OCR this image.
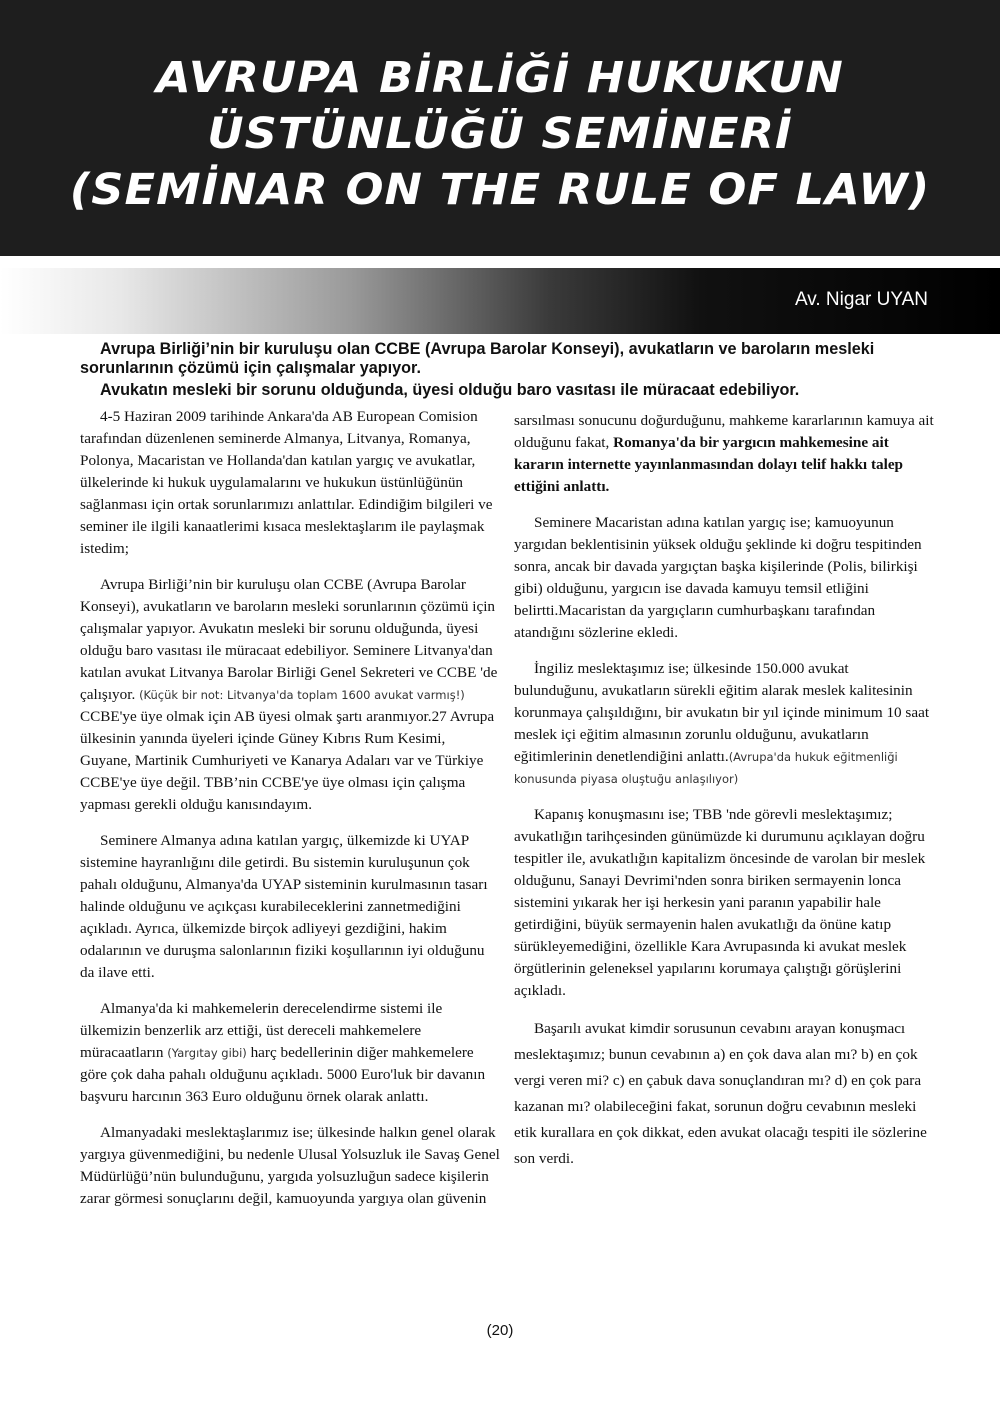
AVRUPA BİRLİĞİ HUKUKUN
ÜSTÜNLÜĞÜ SEMİNERİ
(SEMİNAR ON THE RULE OF LAW)
Av. Nigar UYAN

Avrupa Birliği’nin bir kuruluşu olan CCBE (Avrupa Barolar Konseyi), avukatların ve baroların mesleki sorunlarının çözümü için çalışmalar yapıyor.

Avukatın mesleki bir sorunu olduğunda, üyesi olduğu baro vasıtası ile müracaat edebiliyor.

4-5 Haziran 2009 tarihinde Ankara'da AB European Comision tarafından düzenlenen seminerde Almanya, Litvanya, Romanya, Polonya, Macaristan ve Hollanda'dan katılan yargıç ve avukatlar, ülkelerinde ki hukuk uygulamalarını ve hukukun üstünlüğünün sağlanması için ortak sorunlarımızı anlattılar. Edindiğim bilgileri ve seminer ile ilgili kanaatlerimi kısaca meslektaşlarım ile paylaşmak istedim;

Avrupa Birliği’nin bir kuruluşu olan CCBE (Avrupa Barolar Konseyi), avukatların ve baroların mesleki sorunlarının çözümü için çalışmalar yapıyor. Avukatın mesleki bir sorunu olduğunda, üyesi olduğu baro vasıtası ile müracaat edebiliyor. Seminere Litvanya'dan katılan avukat Litvanya Barolar Birliği Genel Sekreteri ve CCBE 'de çalışıyor. (Küçük bir not: Litvanya'da toplam 1600 avukat varmış!) CCBE'ye üye olmak için AB üyesi olmak şartı aranmıyor.27 Avrupa ülkesinin yanında üyeleri içinde Güney Kıbrıs Rum Kesimi, Guyane, Martinik Cumhuriyeti ve Kanarya Adaları var ve Türkiye CCBE'ye üye değil. TBB’nin CCBE'ye üye olması için çalışma yapması gerekli olduğu kanısındayım.

Seminere Almanya adına katılan yargıç, ülkemizde ki UYAP sistemine hayranlığını dile getirdi. Bu sistemin kuruluşunun çok pahalı olduğunu, Almanya'da UYAP sisteminin kurulmasının tasarı halinde olduğunu ve açıkçası kurabileceklerini zannetmediğini açıkladı. Ayrıca, ülkemizde birçok adliyeyi gezdiğini, hakim odalarının ve duruşma salonlarının fiziki koşullarının iyi olduğunu da ilave etti.

Almanya'da ki mahkemelerin derecelendirme sistemi ile ülkemizin benzerlik arz ettiği, üst dereceli mahkemelere müracaatların (Yargıtay gibi) harç bedellerinin diğer mahkemelere göre çok daha pahalı olduğunu açıkladı. 5000 Euro'luk bir davanın başvuru harcının 363 Euro olduğunu örnek olarak anlattı.

Almanyadaki meslektaşlarımız ise; ülkesinde halkın genel olarak yargıya güvenmediğini, bu nedenle Ulusal Yolsuzluk ile Savaş Genel Müdürlüğü’nün bulunduğunu, yargıda yolsuzluğun sadece kişilerin zarar görmesi sonuçlarını değil, kamuoyunda yargıya olan güvenin

sarsılması sonucunu doğurduğunu, mahkeme kararlarının kamuya ait olduğunu fakat, Romanya'da bir yargıcın mahkemesine ait kararın internette yayınlanmasından dolayı telif hakkı talep ettiğini anlattı.

Seminere Macaristan adına katılan yargıç ise; kamuoyunun yargıdan beklentisinin yüksek olduğu şeklinde ki doğru tespitinden sonra, ancak bir davada yargıçtan başka kişilerinde (Polis, bilirkişi gibi) olduğunu, yargıcın ise davada kamuyu temsil etliğini belirtti.Macaristan da yargıçların cumhurbaşkanı tarafından atandığını sözlerine ekledi.

İngiliz meslektaşımız ise; ülkesinde 150.000 avukat bulunduğunu, avukatların sürekli eğitim alarak meslek kalitesinin korunmaya çalışıldığını, bir avukatın bir yıl içinde minimum 10 saat meslek içi eğitim almasının zorunlu olduğunu, avukatların eğitimlerinin denetlendiğini anlattı.(Avrupa'da hukuk eğitmenliği konusunda piyasa oluştuğu anlaşılıyor)

Kapanış konuşmasını ise; TBB 'nde görevli meslektaşımız; avukatlığın tarihçesinden günümüzde ki durumunu açıklayan doğru tespitler ile, avukatlığın kapitalizm öncesinde de varolan bir meslek olduğunu, Sanayi Devrimi'nden sonra biriken sermayenin lonca sistemini yıkarak her işi herkesin yani paranın yapabilir hale getirdiğini, büyük sermayenin halen avukatlığı da önüne katıp sürükleyemediğini, özellikle Kara Avrupasında ki avukat meslek örgütlerinin geleneksel yapılarını korumaya çalıştığı görüşlerini açıkladı.

Başarılı avukat kimdir sorusunun cevabını arayan konuşmacı meslektaşımız; bunun cevabının a) en çok dava alan mı? b) en çok vergi veren mi? c) en çabuk dava sonuçlandıran mı? d) en çok para kazanan mı? olabileceğini fakat, sorunun doğru cevabının mesleki etik kurallara en çok dikkat, eden avukat olacağı tespiti ile sözlerine son verdi.

(20)
